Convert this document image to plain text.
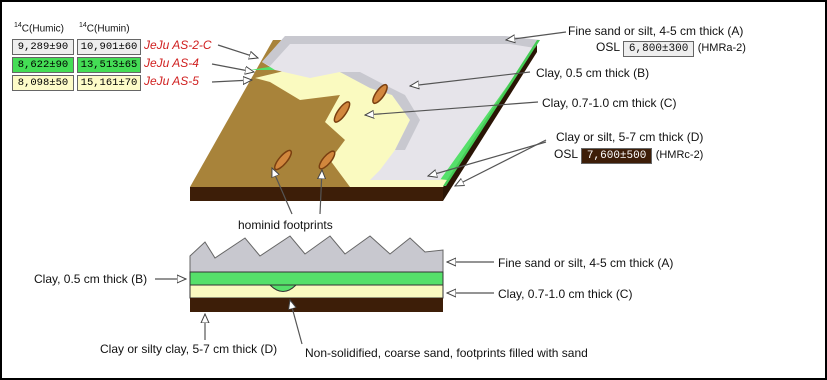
$^{14}$C(Humic) $^{14}$C(Humin)
9,289±90	10,901±60 JeJu AS-2-C
8,622±90	13,513±65 JeJu AS-4
8,098±50	15,161±70 JeJu AS-5
Fine sand or silt, 4-5 cm thick (A)
OSL 6,800±300 (HMRa-2)
Clay, 0.5 cm thick (B)
Clay, 0.7-1.0 cm thick (C)
Clay or silt, 5-7 cm thick (D)
OSL 7,600±500 (HMRc-2)
hominid footprints
Fine sand or silt, 4-5 cm thick (A)
Clay, 0.5 cm thick (B)
Clay, 0.7-1.0 cm thick (C)
Clay or silty clay, 5-7 cm thick (D) Non-solidified, coarse sand, footprints filled with sand
